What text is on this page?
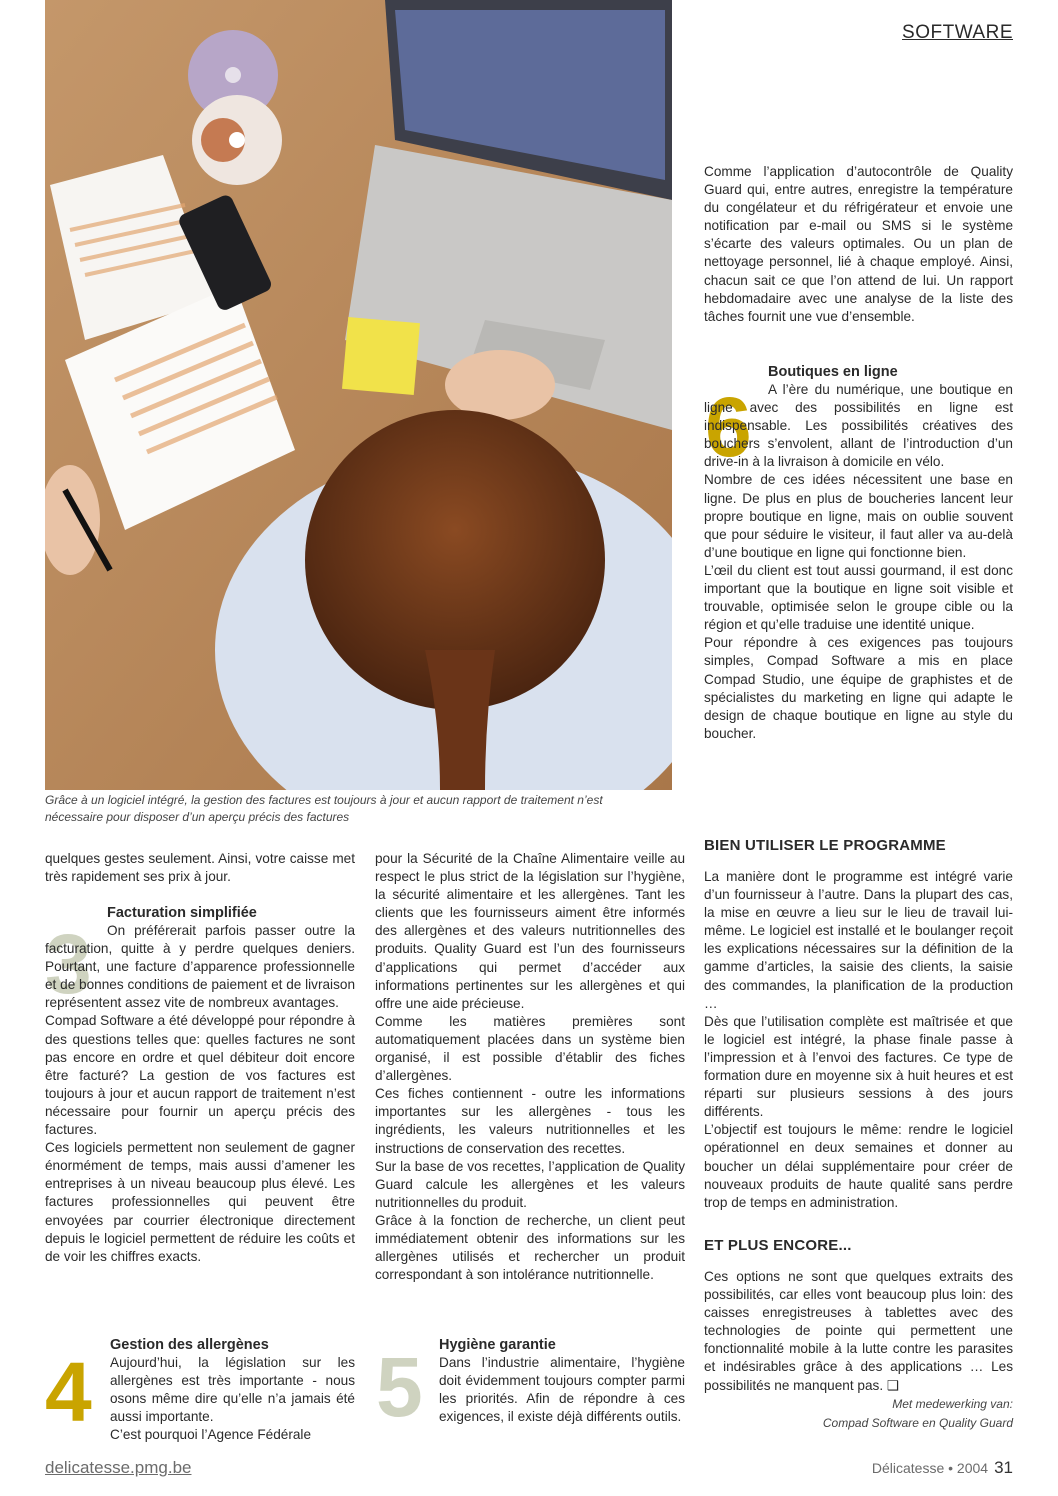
SOFTWARE
Grâce à un logiciel intégré, la gestion des factures est toujours à jour et aucun rapport de traitement n’est nécessaire pour disposer d’un aperçu précis des factures

quelques gestes seulement. Ainsi, votre caisse met très rapidement ses prix à jour.

3

Facturation simplifiée

On préférerait parfois passer outre la facturation, quitte à y perdre quelques deniers. Pourtant, une facture d’apparence professionnelle et de bonnes conditions de paiement et de livraison représentent assez vite de nombreux avantages.

Compad Software a été développé pour répondre à des questions telles que: quelles factures ne sont pas encore en ordre et quel débiteur doit encore être facturé? La gestion de vos factures est toujours à jour et aucun rapport de traitement n’est nécessaire pour fournir un aperçu précis des factures.

Ces logiciels permettent non seulement de gagner énormément de temps, mais aussi d’amener les entreprises à un niveau beaucoup plus élevé. Les factures professionnelles qui peuvent être envoyées par courrier électronique directement depuis le logiciel permettent de réduire les coûts et de voir les chiffres exacts.

4 Gestion des allergènes

Aujourd’hui, la législation sur les allergènes est très importante - nous osons même dire qu’elle n’a jamais été aussi importante.

C’est pourquoi l’Agence Fédérale

pour la Sécurité de la Chaîne Alimentaire veille au respect le plus strict de la législation sur l’hygiène, la sécurité alimentaire et les allergènes. Tant les clients que les fournisseurs aiment être informés des allergènes et des valeurs nutritionnelles des produits. Quality Guard est l’un des fournisseurs d’applications qui permet d’accéder aux informations pertinentes sur les allergènes et qui offre une aide précieuse.

Comme les matières premières sont automatiquement placées dans un système bien organisé, il est possible d’établir des fiches d’allergènes.

Ces fiches contiennent - outre les informations importantes sur les allergènes - tous les ingrédients, les valeurs nutritionnelles et les instructions de conservation des recettes.

Sur la base de vos recettes, l’application de Quality Guard calcule les allergènes et les valeurs nutritionnelles du produit.

Grâce à la fonction de recherche, un client peut immédiatement obtenir des informations sur les allergènes utilisés et rechercher un produit correspondant à son intolérance nutritionnelle.

5 Hygiène garantie

Dans l’industrie alimentaire, l’hygiène doit évidemment toujours compter parmi les priorités. Afin de répondre à ces exigences, il existe déjà différents outils.

Comme l’application d’autocontrôle de Quality Guard qui, entre autres, enregistre la température du congélateur et du réfrigérateur et envoie une notification par e-mail ou SMS si le système s’écarte des valeurs optimales. Ou un plan de nettoyage personnel, lié à chaque employé. Ainsi, chacun sait ce que l’on attend de lui. Un rapport hebdomadaire avec une analyse de la liste des tâches fournit une vue d’ensemble.

6

Boutiques en ligne

A l’ère du numérique, une boutique en ligne avec des possibilités en ligne est indispensable. Les possibilités créatives des bouchers s’envolent, allant de l’introduction d’un drive-in à la livraison à domicile en vélo.

Nombre de ces idées nécessitent une base en ligne. De plus en plus de boucheries lancent leur propre boutique en ligne, mais on oublie souvent que pour séduire le visiteur, il faut aller va au-delà d’une boutique en ligne qui fonctionne bien.

L’œil du client est tout aussi gourmand, il est donc important que la boutique en ligne soit visible et trouvable, optimisée selon le groupe cible ou la région et qu’elle traduise une identité unique.

Pour répondre à ces exigences pas toujours simples, Compad Software a mis en place Compad Studio, une équipe de graphistes et de spécialistes du marketing en ligne qui adapte le design de chaque boutique en ligne au style du boucher.

BIEN UTILISER LE PROGRAMME

La manière dont le programme est intégré varie d’un fournisseur à l’autre. Dans la plupart des cas, la mise en œuvre a lieu sur le lieu de travail lui-même. Le logiciel est installé et le boulanger reçoit les explications nécessaires sur la définition de la gamme d’articles, la saisie des clients, la saisie des commandes, la planification de la production …

Dès que l’utilisation complète est maîtrisée et que le logiciel est intégré, la phase finale passe à l’impression et à l’envoi des factures. Ce type de formation dure en moyenne six à huit heures et est réparti sur plusieurs sessions à des jours différents.

L’objectif est toujours le même: rendre le logiciel opérationnel en deux semaines et donner au boucher un délai supplémentaire pour créer de nouveaux produits de haute qualité sans perdre trop de temps en administration.

ET PLUS ENCORE...

Ces options ne sont que quelques extraits des possibilités, car elles vont beaucoup plus loin: des caisses enregistreuses à tablettes avec des technologies de pointe qui permettent une fonctionnalité mobile à la lutte contre les parasites et indésirables grâce à des applications … Les possibilités ne manquent pas. ❑

Met medewerking van:
Compad Software en Quality Guard
delicatesse.pmg.be	Délicatesse • 2004 31
